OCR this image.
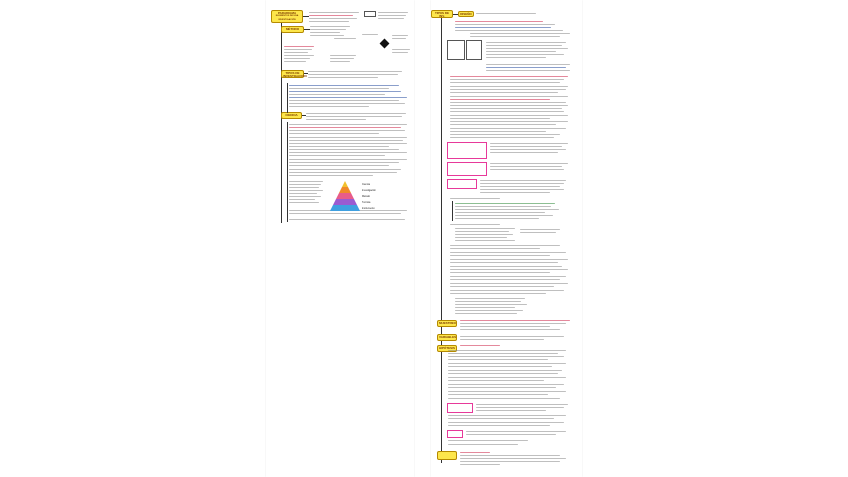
PARADIGMA
ELEMENTOS DE UNA INVESTIGACIÓN
MÉTODO
TIPOS DE INVESTIGACIÓN
CIENCIA
Ciencia
Investigación
Método
Técnica
Instrumento
TIPOS DE INV.
DISEÑO
MUESTREO
VARIABLES
HIPÓTESIS
